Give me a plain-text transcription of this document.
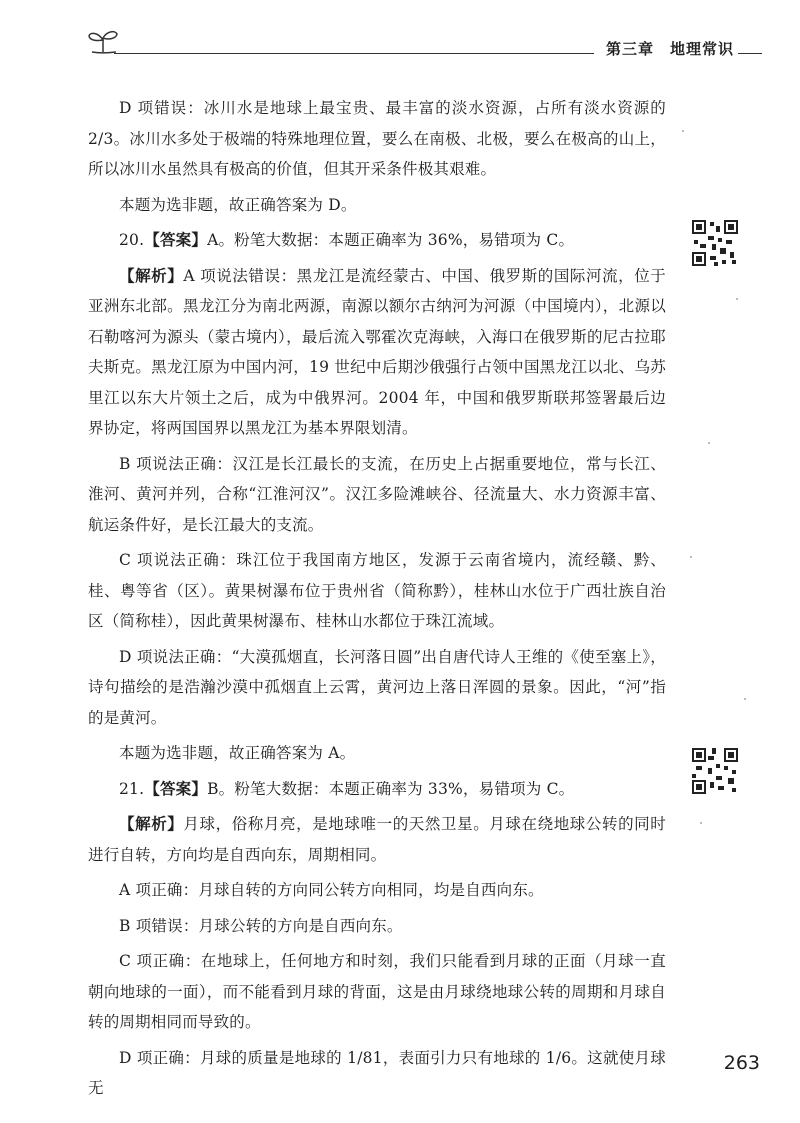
第三章　地理常识

D 项错误：冰川水是地球上最宝贵、最丰富的淡水资源，占所有淡水资源的 2/3。冰川水多处于极端的特殊地理位置，要么在南极、北极，要么在极高的山上，所以冰川水虽然具有极高的价值，但其开采条件极其艰难。

本题为选非题，故正确答案为 D。

20.【答案】A。粉笔大数据：本题正确率为 36%，易错项为 C。

【解析】A 项说法错误：黑龙江是流经蒙古、中国、俄罗斯的国际河流，位于亚洲东北部。黑龙江分为南北两源，南源以额尔古纳河为河源（中国境内），北源以石勒喀河为源头（蒙古境内），最后流入鄂霍次克海峡，入海口在俄罗斯的尼古拉耶夫斯克。黑龙江原为中国内河，19 世纪中后期沙俄强行占领中国黑龙江以北、乌苏里江以东大片领土之后，成为中俄界河。2004 年，中国和俄罗斯联邦签署最后边界协定，将两国国界以黑龙江为基本界限划清。

B 项说法正确：汉江是长江最长的支流，在历史上占据重要地位，常与长江、淮河、黄河并列，合称“江淮河汉”。汉江多险滩峡谷、径流量大、水力资源丰富、航运条件好，是长江最大的支流。

C 项说法正确：珠江位于我国南方地区，发源于云南省境内，流经赣、黔、桂、粤等省（区）。黄果树瀑布位于贵州省（简称黔），桂林山水位于广西壮族自治区（简称桂），因此黄果树瀑布、桂林山水都位于珠江流域。

D 项说法正确：“大漠孤烟直，长河落日圆”出自唐代诗人王维的《使至塞上》，诗句描绘的是浩瀚沙漠中孤烟直上云霄，黄河边上落日浑圆的景象。因此，“河”指的是黄河。

本题为选非题，故正确答案为 A。

21.【答案】B。粉笔大数据：本题正确率为 33%，易错项为 C。

【解析】月球，俗称月亮，是地球唯一的天然卫星。月球在绕地球公转的同时进行自转，方向均是自西向东，周期相同。

A 项正确：月球自转的方向同公转方向相同，均是自西向东。

B 项错误：月球公转的方向是自西向东。

C 项正确：在地球上，任何地方和时刻，我们只能看到月球的正面（月球一直朝向地球的一面），而不能看到月球的背面，这是由月球绕地球公转的周期和月球自转的周期相同而导致的。

D 项正确：月球的质量是地球的 1/81，表面引力只有地球的 1/6。这就使月球无

263
